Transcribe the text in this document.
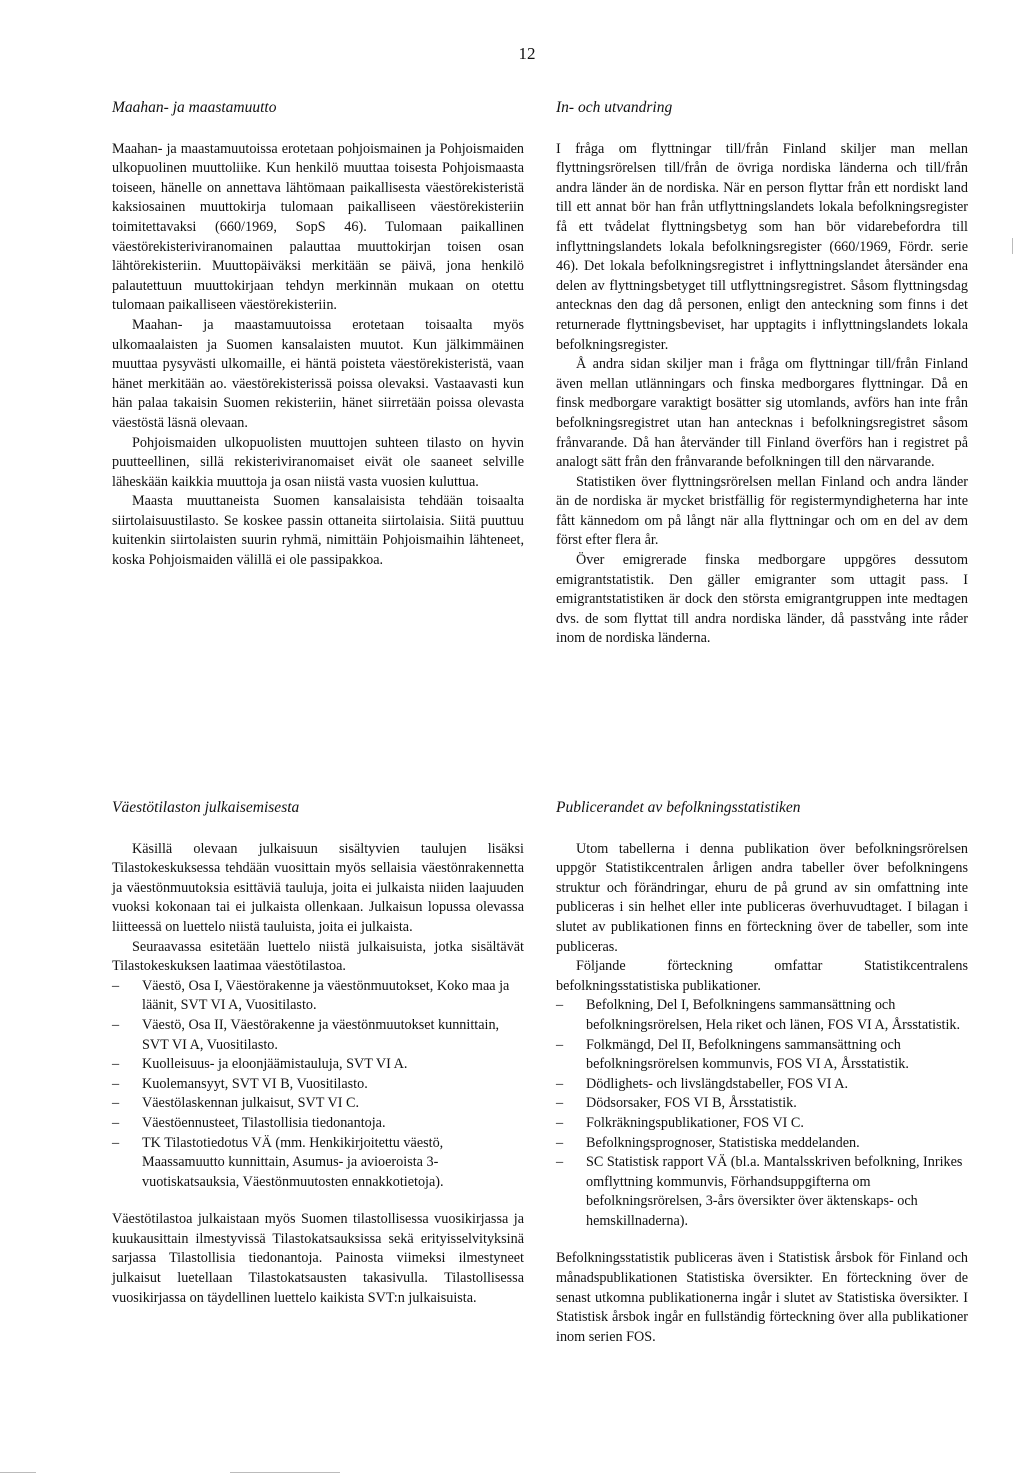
12
Maahan- ja maastamuutto

Maahan- ja maastamuutoissa erotetaan pohjoismainen ja Pohjoismaiden ulkopuolinen muuttoliike. Kun henkilö muuttaa toisesta Pohjoismaasta toiseen, hänelle on annettava lähtömaan paikallisesta väestörekisteristä kaksiosainen muuttokirja tulomaan paikalliseen väestörekisteriin toimitettavaksi (660/1969, SopS 46). Tulomaan paikallinen väestörekisteriviranomainen palauttaa muuttokirjan toisen osan lähtörekisteriin. Muuttopäiväksi merkitään se päivä, jona henkilö palautettuun muuttokirjaan tehdyn merkinnän mukaan on otettu tulomaan paikalliseen väestörekisteriin.

Maahan- ja maastamuutoissa erotetaan toisaalta myös ulkomaalaisten ja Suomen kansalaisten muutot. Kun jälkimmäinen muuttaa pysyvästi ulkomaille, ei häntä poisteta väestörekisteristä, vaan hänet merkitään ao. väestörekisterissä poissa olevaksi. Vastaavasti kun hän palaa takaisin Suomen rekisteriin, hänet siirretään poissa olevasta väestöstä läsnä olevaan.

Pohjoismaiden ulkopuolisten muuttojen suhteen tilasto on hyvin puutteellinen, sillä rekisteriviranomaiset eivät ole saaneet selville läheskään kaikkia muuttoja ja osan niistä vasta vuosien kuluttua.

Maasta muuttaneista Suomen kansalaisista tehdään toisaalta siirtolaisuustilasto. Se koskee passin ottaneita siirtolaisia. Siitä puuttuu kuitenkin siirtolaisten suurin ryhmä, nimittäin Pohjoismaihin lähteneet, koska Pohjoismaiden välillä ei ole passipakkoa.

In- och utvandring

I fråga om flyttningar till/från Finland skiljer man mellan flyttningsrörelsen till/från de övriga nordiska länderna och till/från andra länder än de nordiska. När en person flyttar från ett nordiskt land till ett annat bör han från utflyttningslandets lokala befolkningsregister få ett tvådelat flyttningsbetyg som han bör vidarebefordra till inflyttningslandets lokala befolkningsregister (660/1969, Fördr. serie 46). Det lokala befolkningsregistret i inflyttningslandet återsänder ena delen av flyttningsbetyget till utflyttningsregistret. Såsom flyttningsdag antecknas den dag då personen, enligt den anteckning som finns i det returnerade flyttningsbeviset, har upptagits i inflyttningslandets lokala befolkningsregister.

Å andra sidan skiljer man i fråga om flyttningar till/från Finland även mellan utlänningars och finska medborgares flyttningar. Då en finsk medborgare varaktigt bosätter sig utomlands, avförs han inte från befolkningsregistret utan han antecknas i befolkningsregistret såsom frånvarande. Då han återvänder till Finland överförs han i registret på analogt sätt från den frånvarande befolkningen till den närvarande.

Statistiken över flyttningsrörelsen mellan Finland och andra länder än de nordiska är mycket bristfällig för registermyndigheterna har inte fått kännedom om på långt när alla flyttningar och om en del av dem först efter flera år.

Över emigrerade finska medborgare uppgöres dessutom emigrantstatistik. Den gäller emigranter som uttagit pass. I emigrantstatistiken är dock den största emigrantgruppen inte medtagen dvs. de som flyttat till andra nordiska länder, då passtvång inte råder inom de nordiska länderna.

Väestötilaston julkaisemisesta

Käsillä olevaan julkaisuun sisältyvien taulujen lisäksi Tilastokeskuksessa tehdään vuosittain myös sellaisia väestönrakennetta ja väestönmuutoksia esittäviä tauluja, joita ei julkaista niiden laajuuden vuoksi kokonaan tai ei julkaista ollenkaan. Julkaisun lopussa olevassa liitteessä on luettelo niistä tauluista, joita ei julkaista.

Seuraavassa esitetään luettelo niistä julkaisuista, jotka sisältävät Tilastokeskuksen laatimaa väestötilastoa.

– Väestö, Osa I, Väestörakenne ja väestönmuutokset, Koko maa ja läänit, SVT VI A, Vuositilasto.
– Väestö, Osa II, Väestörakenne ja väestönmuutokset kunnittain, SVT VI A, Vuositilasto.
– Kuolleisuus- ja eloonjäämistauluja, SVT VI A.
– Kuolemansyyt, SVT VI B, Vuositilasto.
– Väestölaskennan julkaisut, SVT VI C.
– Väestöennusteet, Tilastollisia tiedonantoja.
– TK Tilastotiedotus VÄ (mm. Henkikirjoitettu väestö, Maassamuutto kunnittain, Asumus- ja avioeroista 3-vuotiskatsauksia, Väestönmuutosten ennakkotietoja).

Väestötilastoa julkaistaan myös Suomen tilastollisessa vuosikirjassa ja kuukausittain ilmestyvissä Tilastokatsauksissa sekä erityisselvityksinä sarjassa Tilastollisia tiedonantoja. Painosta viimeksi ilmestyneet julkaisut luetellaan Tilastokatsausten takasivulla. Tilastollisessa vuosikirjassa on täydellinen luettelo kaikista SVT:n julkaisuista.

Publicerandet av befolkningsstatistiken

Utom tabellerna i denna publikation över befolkningsrörelsen uppgör Statistikcentralen årligen andra tabeller över befolkningens struktur och förändringar, ehuru de på grund av sin omfattning inte publiceras i sin helhet eller inte publiceras överhuvudtaget. I bilagan i slutet av publikationen finns en förteckning över de tabeller, som inte publiceras.

Följande förteckning omfattar Statistikcentralens befolkningsstatistiska publikationer.

– Befolkning, Del I, Befolkningens sammansättning och befolkningsrörelsen, Hela riket och länen, FOS VI A, Årsstatistik.
– Folkmängd, Del II, Befolkningens sammansättning och befolkningsrörelsen kommunvis, FOS VI A, Årsstatistik.
– Dödlighets- och livslängdstabeller, FOS VI A.
– Dödsorsaker, FOS VI B, Årsstatistik.
– Folkräkningspublikationer, FOS VI C.
– Befolkningsprognoser, Statistiska meddelanden.
– SC Statistisk rapport VÄ (bl.a. Mantalsskriven befolkning, Inrikes omflyttning kommunvis, Förhandsuppgifterna om befolkningsrörelsen, 3-års översikter över äktenskaps- och hemskillnaderna).

Befolkningsstatistik publiceras även i Statistisk årsbok för Finland och månadspublikationen Statistiska översikter. En förteckning över de senast utkomna publikationerna ingår i slutet av Statistiska översikter. I Statistisk årsbok ingår en fullständig förteckning över alla publikationer inom serien FOS.
